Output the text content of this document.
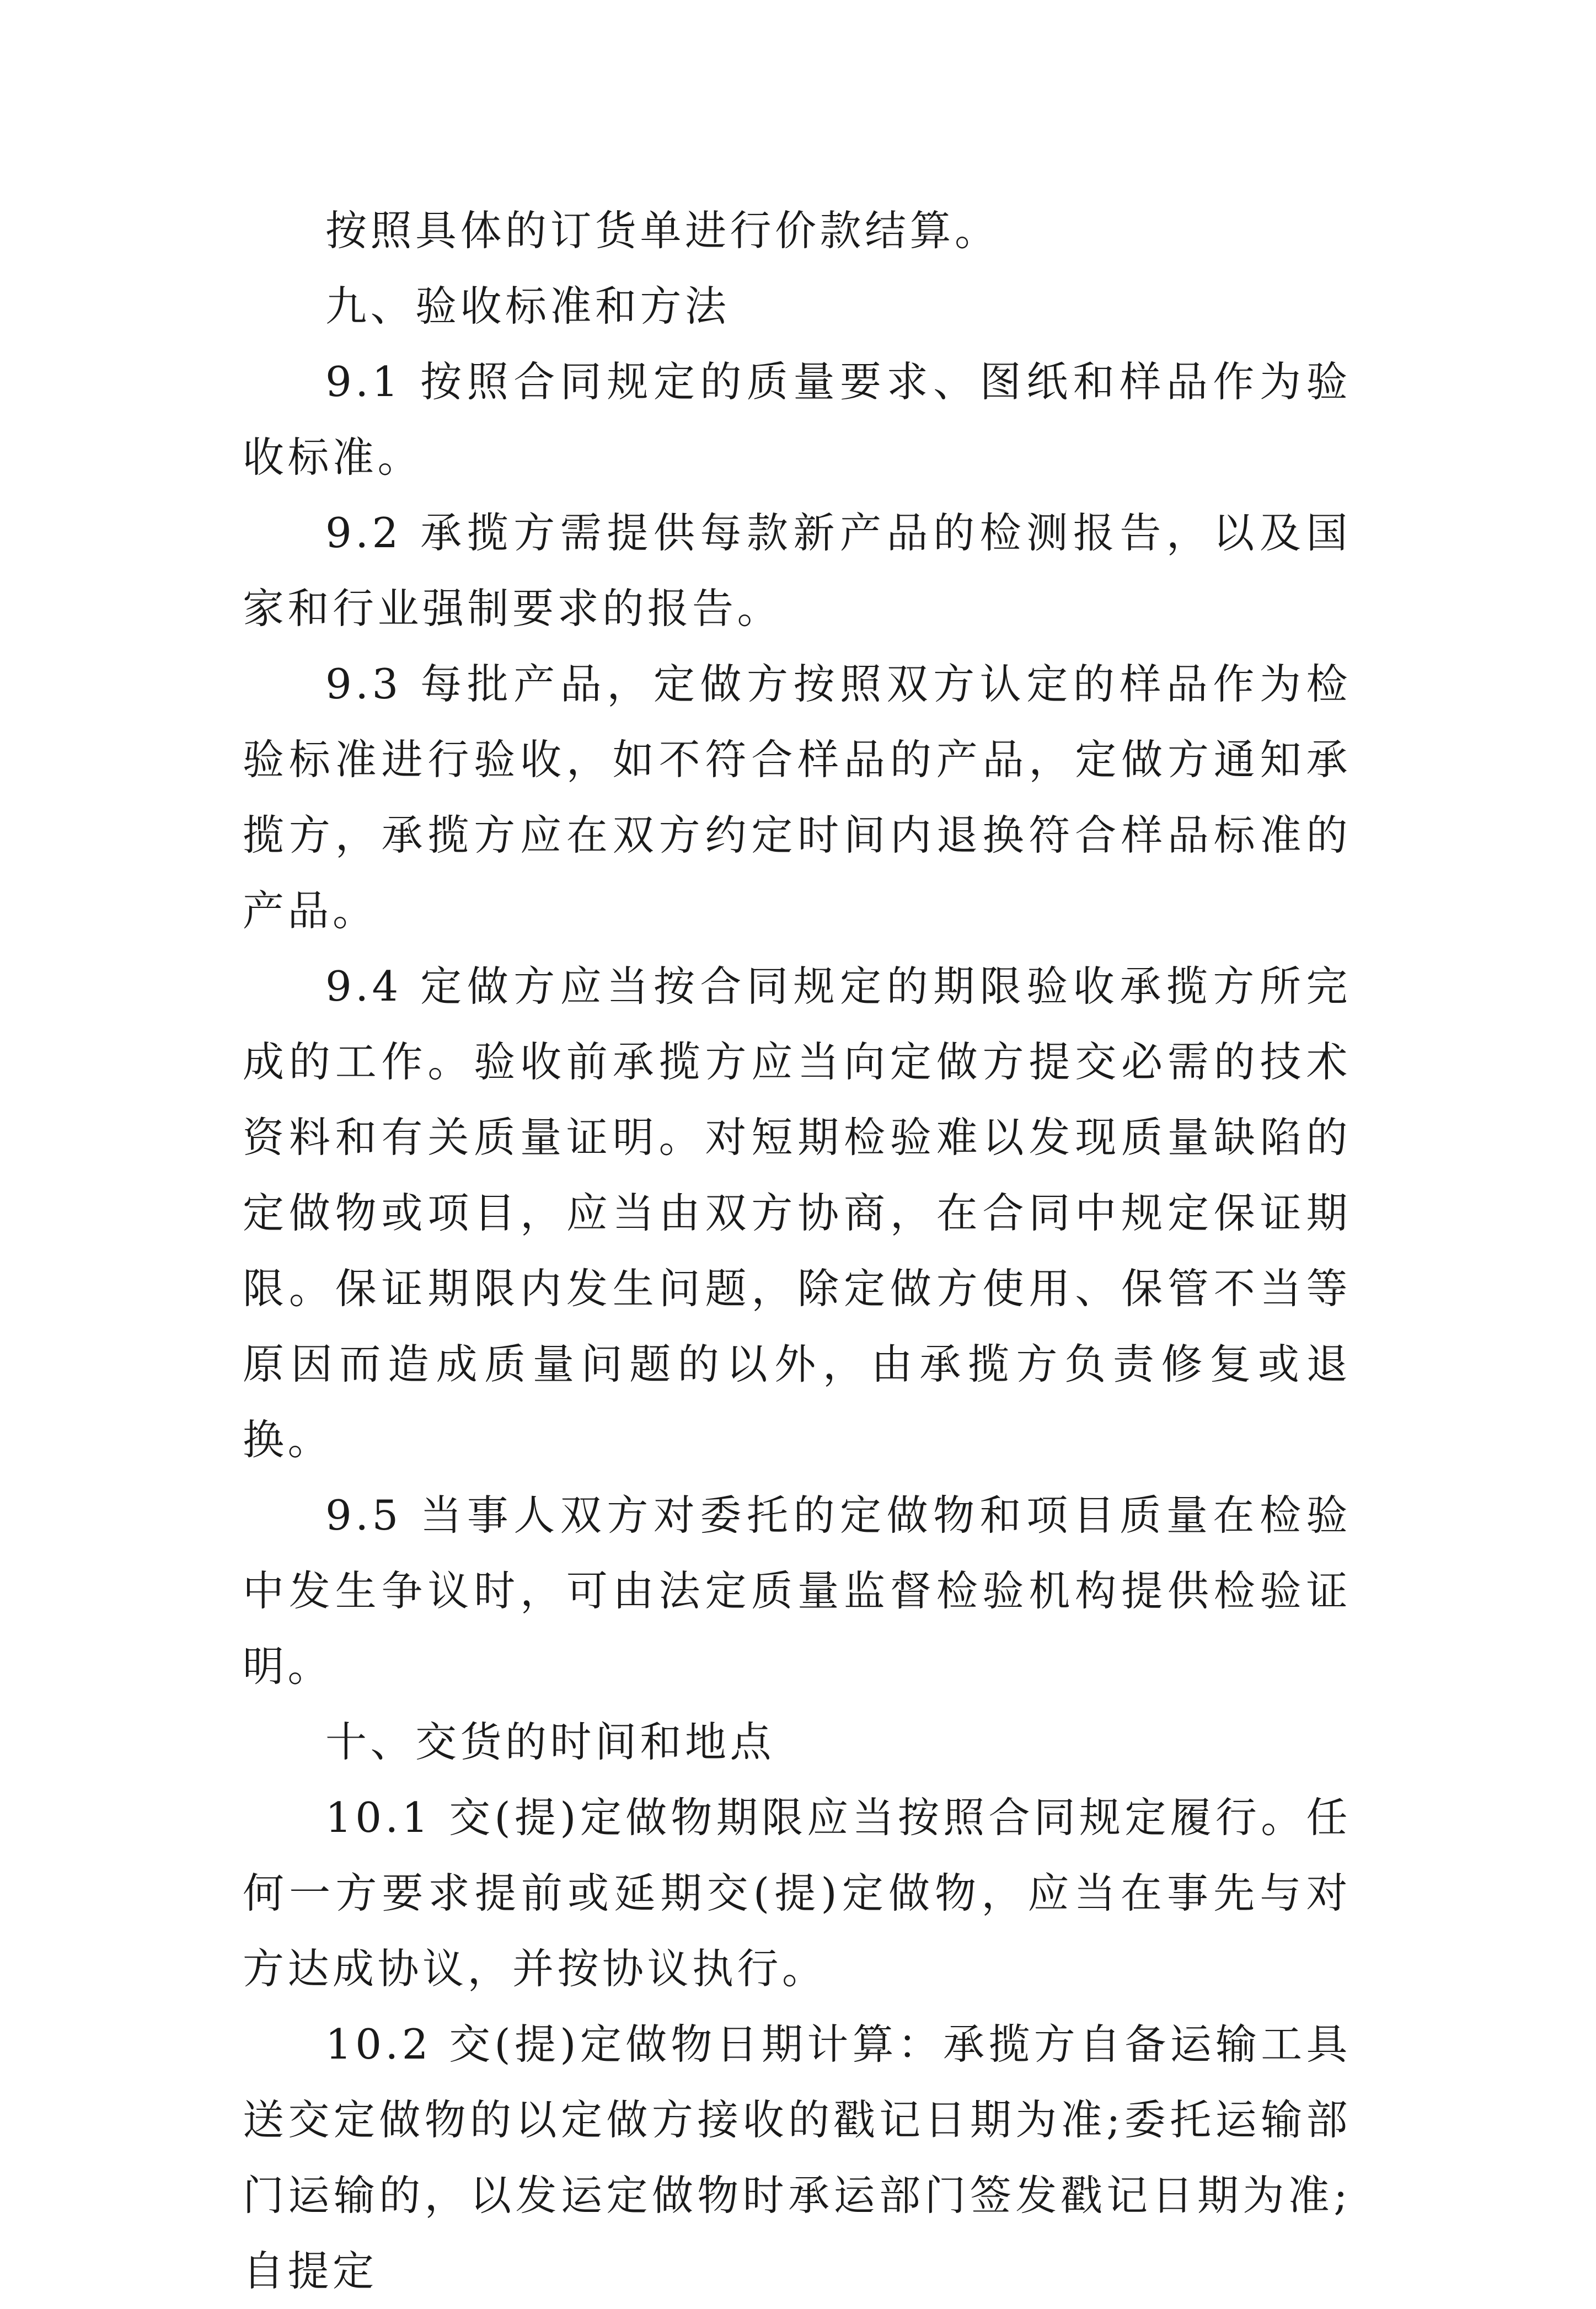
按照具体的订货单进行价款结算。

九、验收标准和方法

9.1 按照合同规定的质量要求、图纸和样品作为验收标准。

9.2 承揽方需提供每款新产品的检测报告，以及国家和行业强制要求的报告。

9.3 每批产品，定做方按照双方认定的样品作为检验标准进行验收，如不符合样品的产品，定做方通知承揽方，承揽方应在双方约定时间内退换符合样品标准的产品。

9.4 定做方应当按合同规定的期限验收承揽方所完成的工作。验收前承揽方应当向定做方提交必需的技术资料和有关质量证明。对短期检验难以发现质量缺陷的定做物或项目，应当由双方协商，在合同中规定保证期限。保证期限内发生问题，除定做方使用、保管不当等原因而造成质量问题的以外，由承揽方负责修复或退换。

9.5 当事人双方对委托的定做物和项目质量在检验中发生争议时，可由法定质量监督检验机构提供检验证明。

十、交货的时间和地点

10.1 交(提)定做物期限应当按照合同规定履行。任何一方要求提前或延期交(提)定做物，应当在事先与对方达成协议，并按协议执行。

10.2 交(提)定做物日期计算：承揽方自备运输工具送交定做物的以定做方接收的戳记日期为准;委托运输部门运输的，以发运定做物时承运部门签发戳记日期为准;自提定
